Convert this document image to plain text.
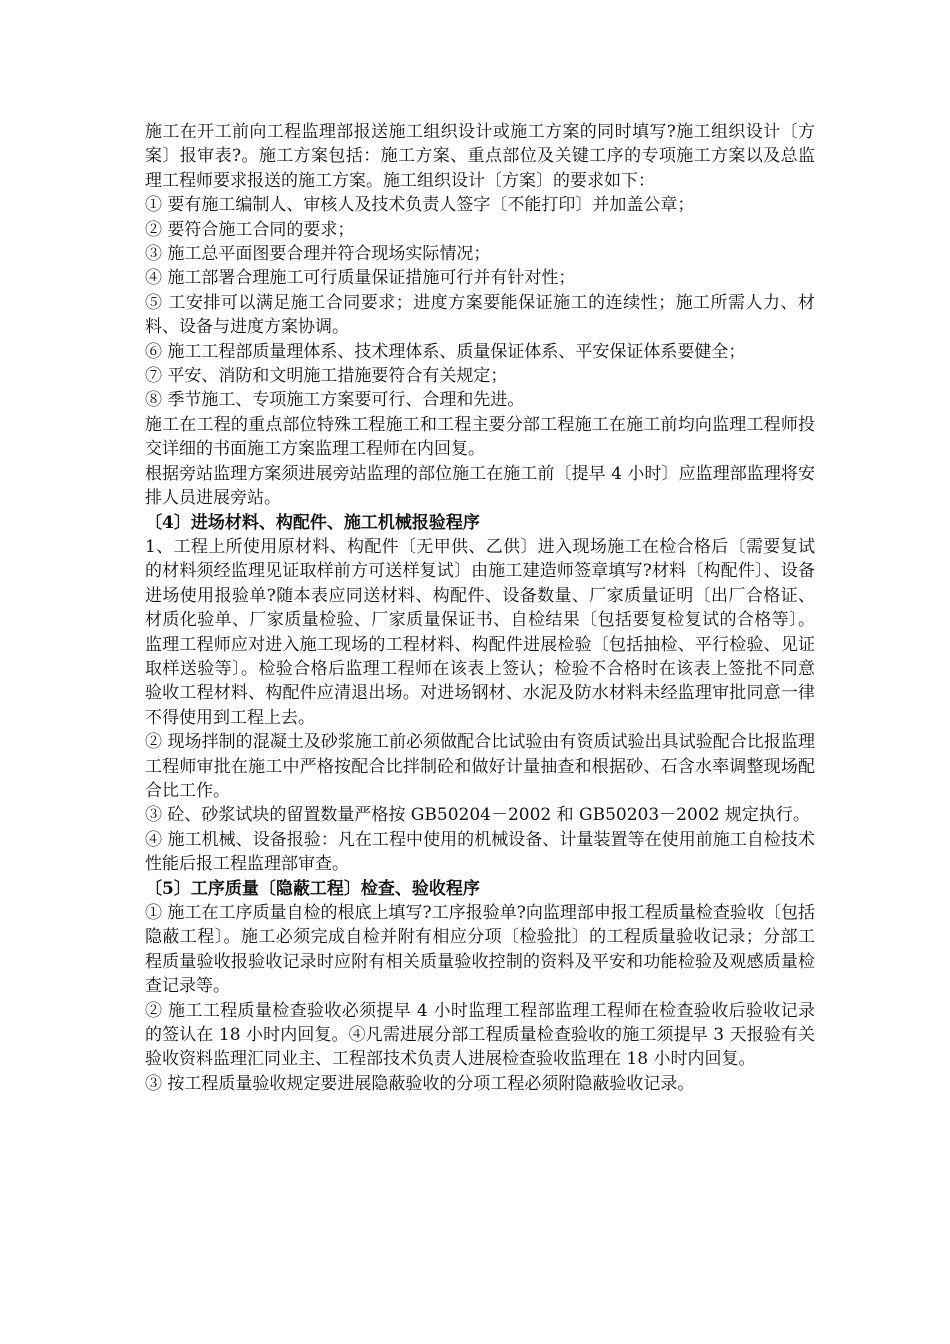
施工在开工前向工程监理部报送施工组织设计或施工方案的同时填写?施工组织设计〔方案〕报审表?。施工方案包括：施工方案、重点部位及关键工序的专项施工方案以及总监理工程师要求报送的施工方案。施工组织设计〔方案〕的要求如下：

① 要有施工编制人、审核人及技术负责人签字〔不能打印〕并加盖公章；

② 要符合施工合同的要求；

③ 施工总平面图要合理并符合现场实际情况；

④ 施工部署合理施工可行质量保证措施可行并有针对性；

⑤ 工安排可以满足施工合同要求；进度方案要能保证施工的连续性；施工所需人力、材料、设备与进度方案协调。

⑥ 施工工程部质量理体系、技术理体系、质量保证体系、平安保证体系要健全；

⑦ 平安、消防和文明施工措施要符合有关规定；

⑧ 季节施工、专项施工方案要可行、合理和先进。

施工在工程的重点部位特殊工程施工和工程主要分部工程施工在施工前均向监理工程师投交详细的书面施工方案监理工程师在内回复。

根据旁站监理方案须进展旁站监理的部位施工在施工前〔提早 4 小时〕应监理部监理将安排人员进展旁站。

〔4〕进场材料、构配件、施工机械报验程序

1、工程上所使用原材料、构配件〔无甲供、乙供〕进入现场施工在检合格后〔需要复试的材料须经监理见证取样前方可送样复试〕由施工建造师签章填写?材料〔构配件〕、设备进场使用报验单?随本表应同送材料、构配件、设备数量、厂家质量证明〔出厂合格证、材质化验单、厂家质量检验、厂家质量保证书、自检结果〔包括要复检复试的合格等〕。监理工程师应对进入施工现场的工程材料、构配件进展检验〔包括抽检、平行检验、见证取样送验等〕。检验合格后监理工程师在该表上签认；检验不合格时在该表上签批不同意验收工程材料、构配件应清退出场。对进场钢材、水泥及防水材料未经监理审批同意一律不得使用到工程上去。

② 现场拌制的混凝土及砂浆施工前必须做配合比试验由有资质试验出具试验配合比报监理工程师审批在施工中严格按配合比拌制砼和做好计量抽查和根据砂、石含水率调整现场配合比工作。

③ 砼、砂浆试块的留置数量严格按 GB50204－2002 和 GB50203－2002 规定执行。

④ 施工机械、设备报验：凡在工程中使用的机械设备、计量装置等在使用前施工自检技术性能后报工程监理部审查。

〔5〕工序质量〔隐蔽工程〕检查、验收程序

① 施工在工序质量自检的根底上填写?工序报验单?向监理部申报工程质量检查验收〔包括隐蔽工程〕。施工必须完成自检并附有相应分项〔检验批〕的工程质量验收记录；分部工程质量验收报验收记录时应附有相关质量验收控制的资料及平安和功能检验及观感质量检查记录等。

② 施工工程质量检查验收必须提早 4 小时监理工程部监理工程师在检查验收后验收记录的签认在 18 小时内回复。④凡需进展分部工程质量检查验收的施工须提早 3 天报验有关验收资料监理汇同业主、工程部技术负责人进展检查验收监理在 18 小时内回复。

③ 按工程质量验收规定要进展隐蔽验收的分项工程必须附隐蔽验收记录。
